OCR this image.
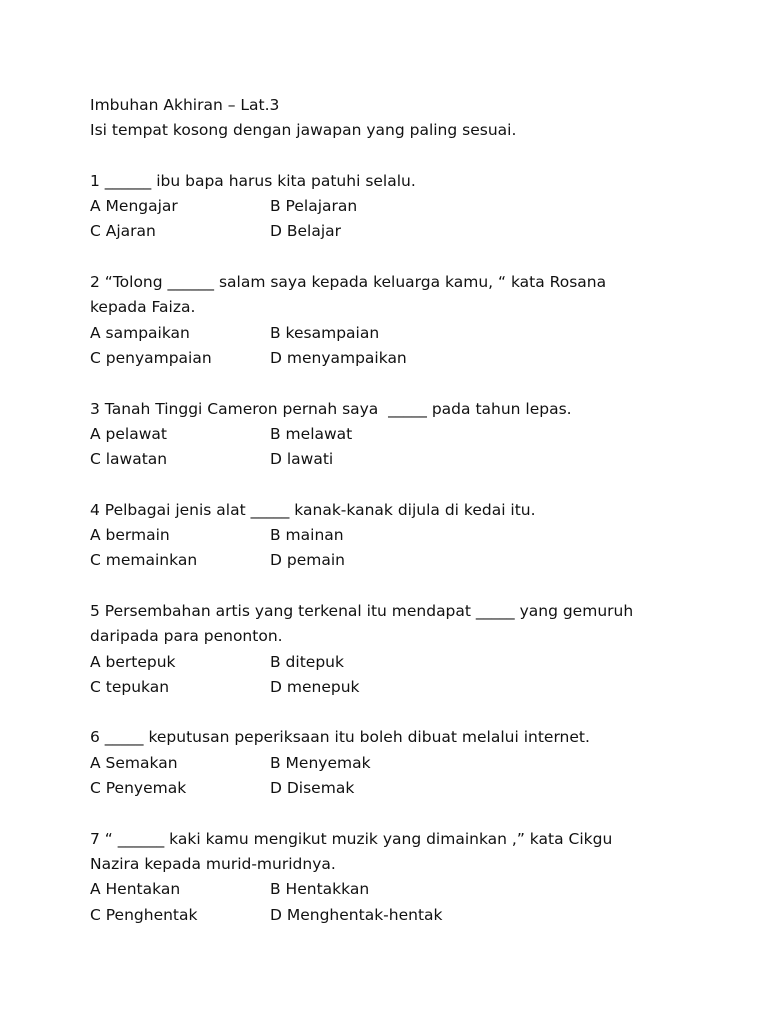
Imbuhan Akhiran – Lat.3
Isi tempat kosong dengan jawapan yang paling sesuai.
1 ______ ibu bapa harus kita patuhi selalu.
A Mengajar	B Pelajaran
C Ajaran	D Belajar
2 “Tolong ______ salam saya kepada keluarga kamu, “ kata Rosana
kepada Faiza.
A sampaikan	B kesampaian
C penyampaian	D menyampaikan
3 Tanah Tinggi Cameron pernah saya  _____ pada tahun lepas.
A pelawat	B melawat
C lawatan	D lawati
4 Pelbagai jenis alat _____ kanak-kanak dijula di kedai itu.
A bermain	B mainan
C memainkan	D pemain
5 Persembahan artis yang terkenal itu mendapat _____ yang gemuruh
daripada para penonton.
A bertepuk	B ditepuk
C tepukan	D menepuk
6 _____ keputusan peperiksaan itu boleh dibuat melalui internet.
A Semakan	B Menyemak
C Penyemak	D Disemak
7 “ ______ kaki kamu mengikut muzik yang dimainkan ,” kata Cikgu
Nazira kepada murid-muridnya.
A Hentakan	B Hentakkan
C Penghentak	D Menghentak-hentak
